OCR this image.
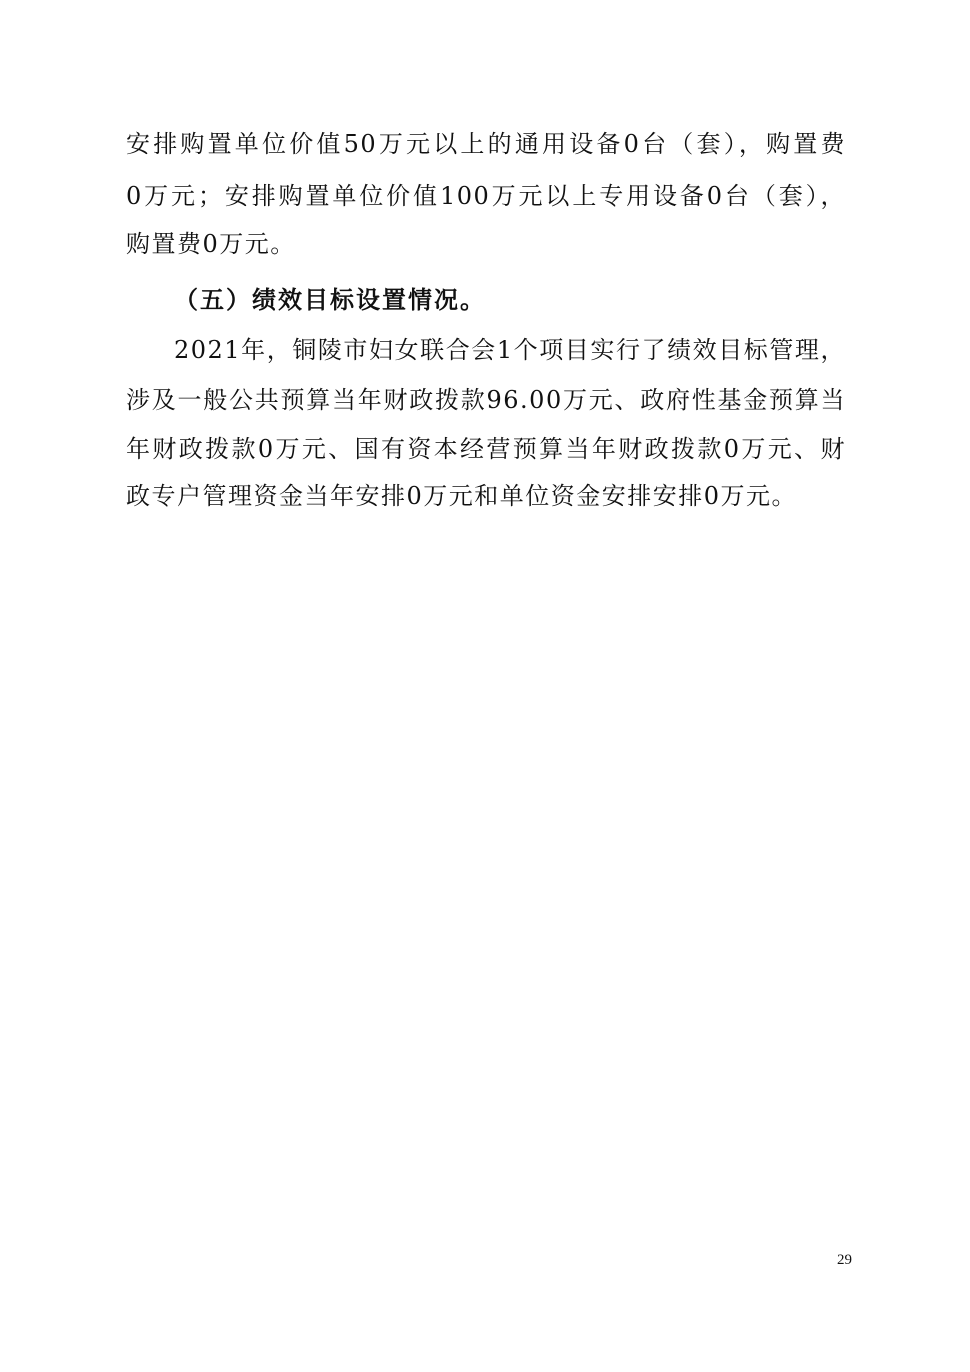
安排购置单位价值50万元以上的通用设备0台（套），购置费
0万元；安排购置单位价值100万元以上专用设备0台（套），
购置费0万元。
（五）绩效目标设置情况。
2021年，铜陵市妇女联合会1个项目实行了绩效目标管理，
涉及一般公共预算当年财政拨款96.00万元、政府性基金预算当
年财政拨款0万元、国有资本经营预算当年财政拨款0万元、财
政专户管理资金当年安排0万元和单位资金安排安排0万元。
29
